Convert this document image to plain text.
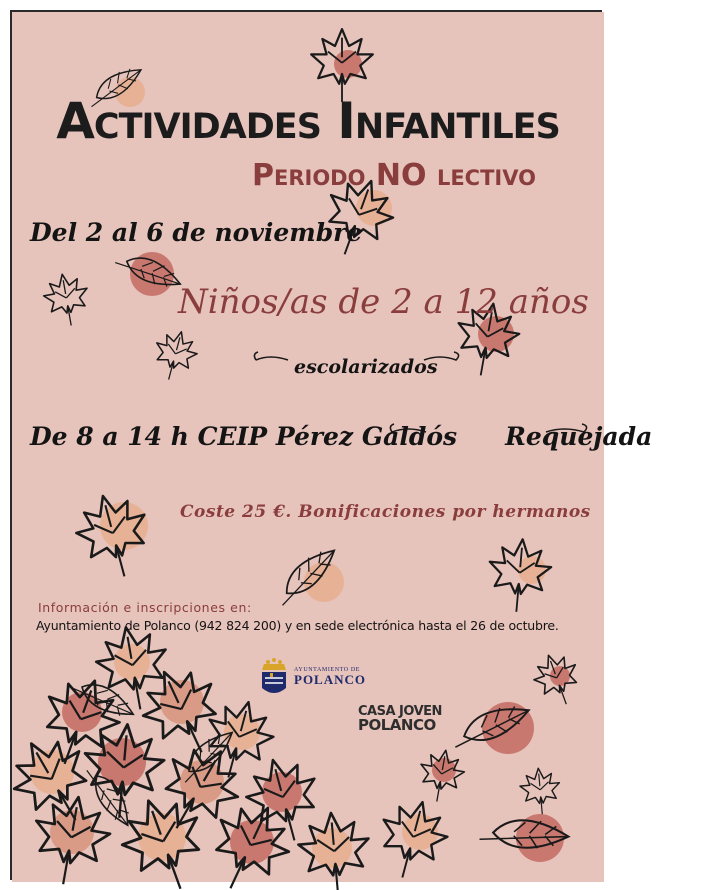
Actividades Infantiles
Periodo NO lectivo
Del 2 al 6 de noviembre
Niños/as de 2 a 12 años
escolarizados
De 8 a 14 h CEIP Pérez Galdós Requejada
Coste 25 €. Bonificaciones por hermanos
Información e inscripciones en:
Ayuntamiento de Polanco (942 824 200) y en sede electrónica hasta el 26 de octubre.
AYUNTAMIENTO DE
POLANCO
CASA JOVEN
POLANCO
